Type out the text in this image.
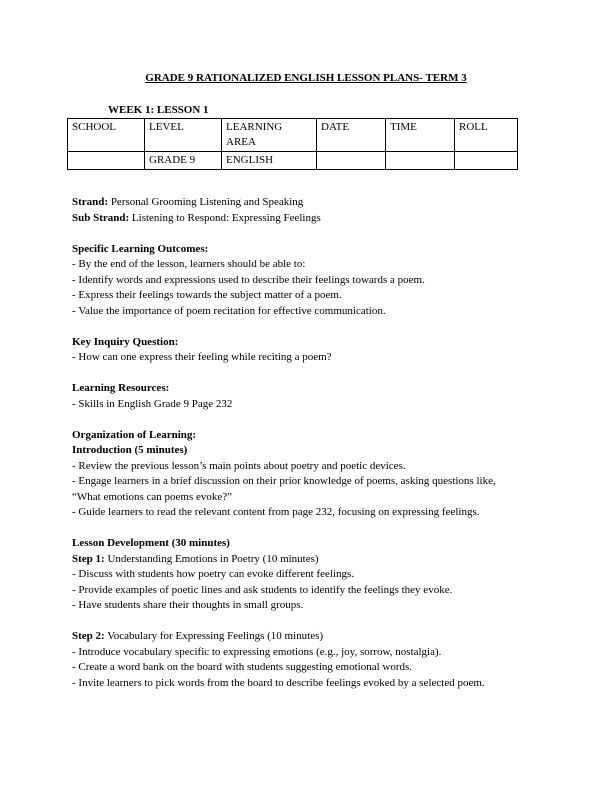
GRADE 9 RATIONALIZED ENGLISH LESSON PLANS- TERM 3
WEEK 1: LESSON 1
SCHOOL	LEVEL	LEARNING AREA	DATE	TIME	ROLL
	GRADE 9	ENGLISH			

Strand: Personal Grooming Listening and Speaking

Sub Strand: Listening to Respond: Expressing Feelings

Specific Learning Outcomes:

- By the end of the lesson, learners should be able to:

- Identify words and expressions used to describe their feelings towards a poem.

- Express their feelings towards the subject matter of a poem.

- Value the importance of poem recitation for effective communication.

Key Inquiry Question:

- How can one express their feeling while reciting a poem?

Learning Resources:

- Skills in English Grade 9 Page 232

Organization of Learning:

Introduction (5 minutes)

- Review the previous lesson’s main points about poetry and poetic devices.

- Engage learners in a brief discussion on their prior knowledge of poems, asking questions like,

“What emotions can poems evoke?”

- Guide learners to read the relevant content from page 232, focusing on expressing feelings.

Lesson Development (30 minutes)

Step 1: Understanding Emotions in Poetry (10 minutes)

- Discuss with students how poetry can evoke different feelings.

- Provide examples of poetic lines and ask students to identify the feelings they evoke.

- Have students share their thoughts in small groups.

Step 2: Vocabulary for Expressing Feelings (10 minutes)

- Introduce vocabulary specific to expressing emotions (e.g., joy, sorrow, nostalgia).

- Create a word bank on the board with students suggesting emotional words.

- Invite learners to pick words from the board to describe feelings evoked by a selected poem.
